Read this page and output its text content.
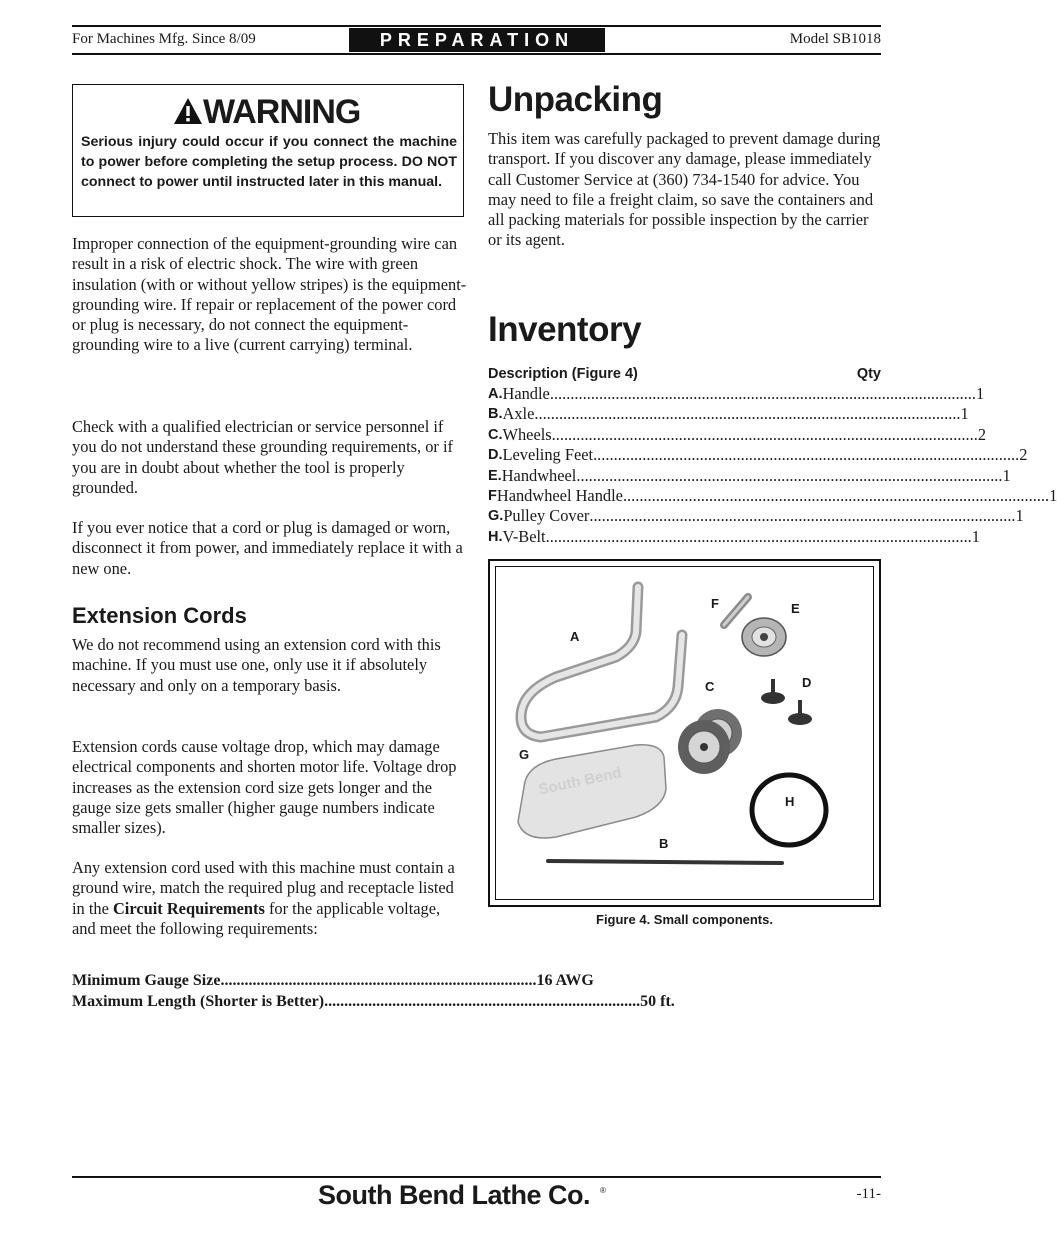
For Machines Mfg. Since 8/09	PREPARATION	Model SB1018
WARNING
Serious injury could occur if you connect the machine to power before completing the setup process. DO NOT connect to power until instructed later in this manual.
Improper connection of the equipment-grounding wire can result in a risk of electric shock. The wire with green insulation (with or without yellow stripes) is the equipment-grounding wire. If repair or replacement of the power cord or plug is necessary, do not connect the equipment-grounding wire to a live (current carrying) terminal.
Check with a qualified electrician or service personnel if you do not understand these grounding requirements, or if you are in doubt about whether the tool is properly grounded.
If you ever notice that a cord or plug is damaged or worn, disconnect it from power, and immediately replace it with a new one.
Extension Cords
We do not recommend using an extension cord with this machine. If you must use one, only use it if absolutely necessary and only on a temporary basis.
Extension cords cause voltage drop, which may damage electrical components and shorten motor life. Voltage drop increases as the extension cord size gets longer and the gauge size gets smaller (higher gauge numbers indicate smaller sizes).
Any extension cord used with this machine must contain a ground wire, match the required plug and receptacle listed in the Circuit Requirements for the applicable voltage, and meet the following requirements:
Minimum Gauge Size ............................................................................... 16 AWG
Maximum Length (Shorter is Better) ............................................................................... 50 ft.
Unpacking
This item was carefully packaged to prevent damage during transport. If you discover any damage, please immediately call Customer Service at (360) 734-1540 for advice. You may need to file a freight claim, so save the containers and all packing materials for possible inspection by the carrier or its agent.
Inventory
Description (Figure 4)	Qty
A. Handle ........................................................................................................ 1
B. Axle ........................................................................................................ 1
C. Wheels ........................................................................................................ 2
D. Leveling Feet ........................................................................................................ 2
E. Handwheel ........................................................................................................ 1
F Handwheel Handle ........................................................................................................ 1
G. Pulley Cover ........................................................................................................ 1
H. V-Belt ........................................................................................................ 1
A
B
C	D
E
F
G
H
South Bend
Figure 4. Small components.
South Bend Lathe Co. ®	-11-
